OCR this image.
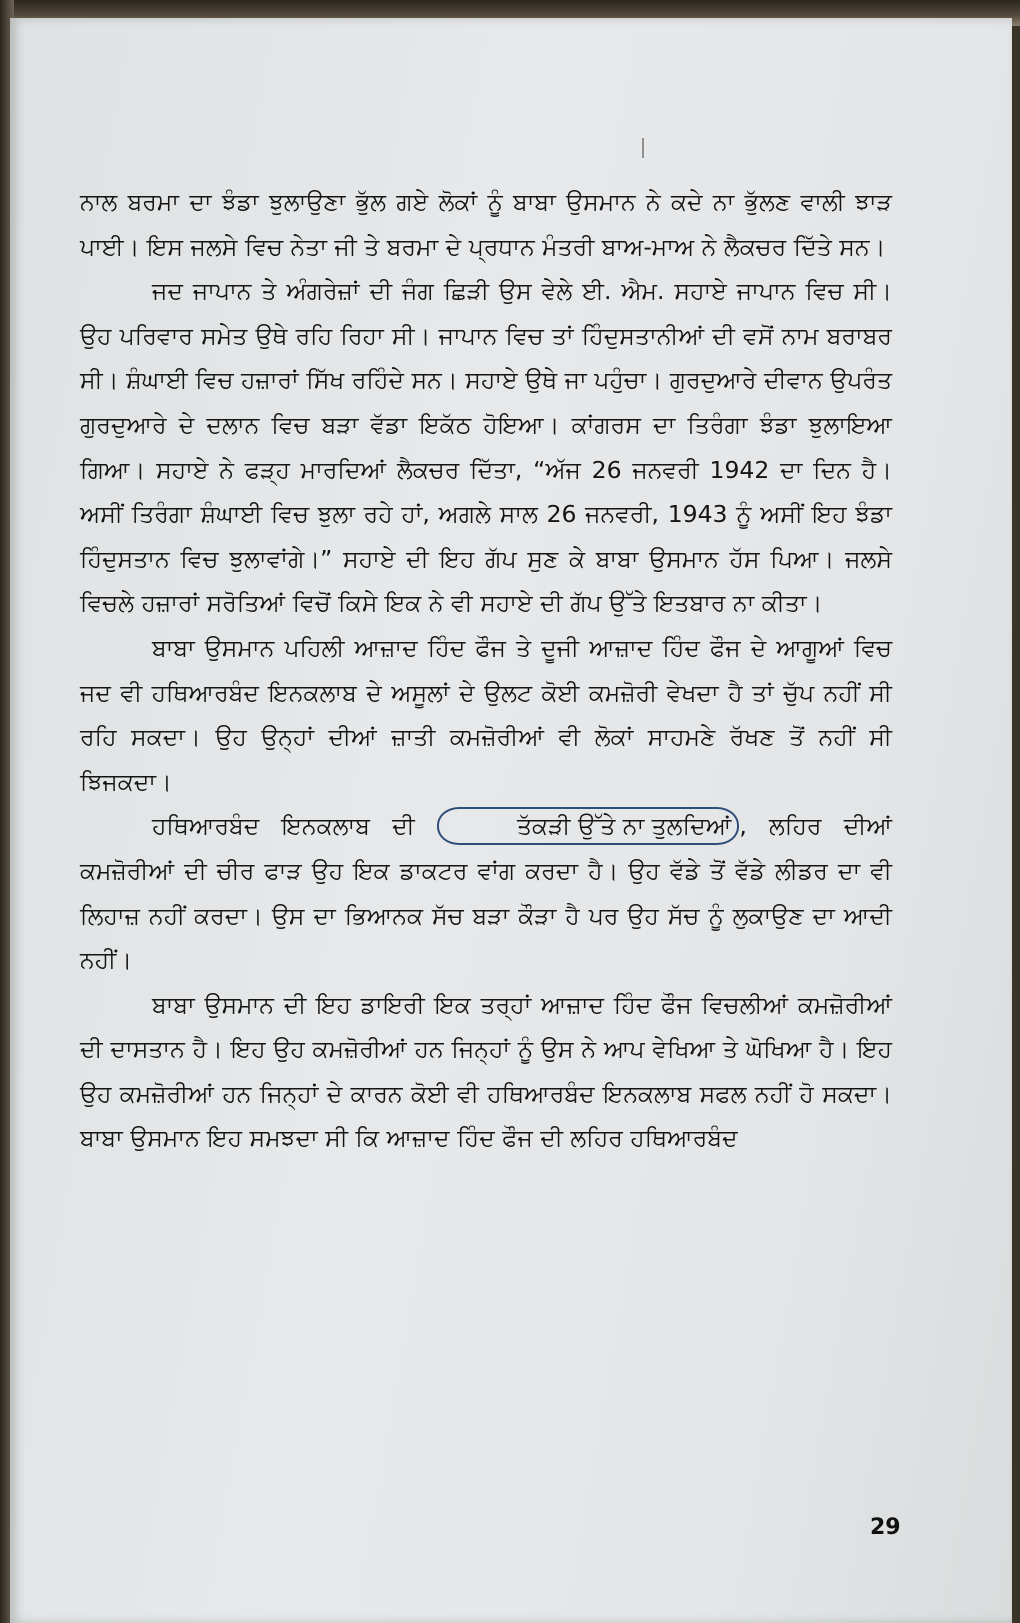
ਨਾਲ ਬਰਮਾ ਦਾ ਝੰਡਾ ਝੁਲਾਉਣਾ ਭੁੱਲ ਗਏ ਲੋਕਾਂ ਨੂੰ ਬਾਬਾ ਉਸਮਾਨ ਨੇ ਕਦੇ ਨਾ ਭੁੱਲਣ ਵਾਲੀ ਝਾੜ ਪਾਈ। ਇਸ ਜਲਸੇ ਵਿਚ ਨੇਤਾ ਜੀ ਤੇ ਬਰਮਾ ਦੇ ਪ੍ਰਧਾਨ ਮੰਤਰੀ ਬਾਅ-ਮਾਅ ਨੇ ਲੈਕਚਰ ਦਿੱਤੇ ਸਨ।

ਜਦ ਜਾਪਾਨ ਤੇ ਅੰਗਰੇਜ਼ਾਂ ਦੀ ਜੰਗ ਛਿੜੀ ਉਸ ਵੇਲੇ ਈ. ਐਮ. ਸਹਾਏ ਜਾਪਾਨ ਵਿਚ ਸੀ। ਉਹ ਪਰਿਵਾਰ ਸਮੇਤ ਉਥੇ ਰਹਿ ਰਿਹਾ ਸੀ। ਜਾਪਾਨ ਵਿਚ ਤਾਂ ਹਿੰਦੁਸਤਾਨੀਆਂ ਦੀ ਵਸੋਂ ਨਾਮ ਬਰਾਬਰ ਸੀ। ਸ਼ੰਘਾਈ ਵਿਚ ਹਜ਼ਾਰਾਂ ਸਿੱਖ ਰਹਿੰਦੇ ਸਨ। ਸਹਾਏ ਉਥੇ ਜਾ ਪਹੁੰਚਾ। ਗੁਰਦੁਆਰੇ ਦੀਵਾਨ ਉਪਰੰਤ ਗੁਰਦੁਆਰੇ ਦੇ ਦਲਾਨ ਵਿਚ ਬੜਾ ਵੱਡਾ ਇਕੱਠ ਹੋਇਆ। ਕਾਂਗਰਸ ਦਾ ਤਿਰੰਗਾ ਝੰਡਾ ਝੁਲਾਇਆ ਗਿਆ। ਸਹਾਏ ਨੇ ਫੜ੍ਹ ਮਾਰਦਿਆਂ ਲੈਕਚਰ ਦਿੱਤਾ, “ਅੱਜ 26 ਜਨਵਰੀ 1942 ਦਾ ਦਿਨ ਹੈ। ਅਸੀਂ ਤਿਰੰਗਾ ਸ਼ੰਘਾਈ ਵਿਚ ਝੁਲਾ ਰਹੇ ਹਾਂ, ਅਗਲੇ ਸਾਲ 26 ਜਨਵਰੀ, 1943 ਨੂੰ ਅਸੀਂ ਇਹ ਝੰਡਾ ਹਿੰਦੁਸਤਾਨ ਵਿਚ ਝੁਲਾਵਾਂਗੇ।” ਸਹਾਏ ਦੀ ਇਹ ਗੱਪ ਸੁਣ ਕੇ ਬਾਬਾ ਉਸਮਾਨ ਹੱਸ ਪਿਆ। ਜਲਸੇ ਵਿਚਲੇ ਹਜ਼ਾਰਾਂ ਸਰੋਤਿਆਂ ਵਿਚੋਂ ਕਿਸੇ ਇਕ ਨੇ ਵੀ ਸਹਾਏ ਦੀ ਗੱਪ ਉੱਤੇ ਇਤਬਾਰ ਨਾ ਕੀਤਾ।

ਬਾਬਾ ਉਸਮਾਨ ਪਹਿਲੀ ਆਜ਼ਾਦ ਹਿੰਦ ਫੌਜ ਤੇ ਦੂਜੀ ਆਜ਼ਾਦ ਹਿੰਦ ਫੌਜ ਦੇ ਆਗੂਆਂ ਵਿਚ ਜਦ ਵੀ ਹਥਿਆਰਬੰਦ ਇਨਕਲਾਬ ਦੇ ਅਸੂਲਾਂ ਦੇ ਉਲਟ ਕੋਈ ਕਮਜ਼ੋਰੀ ਵੇਖਦਾ ਹੈ ਤਾਂ ਚੁੱਪ ਨਹੀਂ ਸੀ ਰਹਿ ਸਕਦਾ। ਉਹ ਉਨ੍ਹਾਂ ਦੀਆਂ ਜ਼ਾਤੀ ਕਮਜ਼ੋਰੀਆਂ ਵੀ ਲੋਕਾਂ ਸਾਹਮਣੇ ਰੱਖਣ ਤੋਂ ਨਹੀਂ ਸੀ ਝਿਜਕਦਾ।

ਹਥਿਆਰਬੰਦ ਇਨਕਲਾਬ ਦੀ	ਤੱਕੜੀ ਉੱਤੇ ਨਾ ਤੁਲਦਿਆਂ , ਲਹਿਰ ਦੀਆਂ ਕਮਜ਼ੋਰੀਆਂ ਦੀ ਚੀਰ ਫਾੜ ਉਹ ਇਕ ਡਾਕਟਰ ਵਾਂਗ ਕਰਦਾ ਹੈ। ਉਹ ਵੱਡੇ ਤੋਂ ਵੱਡੇ ਲੀਡਰ ਦਾ ਵੀ ਲਿਹਾਜ਼ ਨਹੀਂ ਕਰਦਾ। ਉਸ ਦਾ ਭਿਆਨਕ ਸੱਚ ਬੜਾ ਕੌੜਾ ਹੈ ਪਰ ਉਹ ਸੱਚ ਨੂੰ ਲੁਕਾਉਣ ਦਾ ਆਦੀ ਨਹੀਂ।

ਬਾਬਾ ਉਸਮਾਨ ਦੀ ਇਹ ਡਾਇਰੀ ਇਕ ਤਰ੍ਹਾਂ ਆਜ਼ਾਦ ਹਿੰਦ ਫੌਜ ਵਿਚਲੀਆਂ ਕਮਜ਼ੋਰੀਆਂ ਦੀ ਦਾਸਤਾਨ ਹੈ। ਇਹ ਉਹ ਕਮਜ਼ੋਰੀਆਂ ਹਨ ਜਿਨ੍ਹਾਂ ਨੂੰ ਉਸ ਨੇ ਆਪ ਵੇਖਿਆ ਤੇ ਘੋਖਿਆ ਹੈ। ਇਹ ਉਹ ਕਮਜ਼ੋਰੀਆਂ ਹਨ ਜਿਨ੍ਹਾਂ ਦੇ ਕਾਰਨ ਕੋਈ ਵੀ ਹਥਿਆਰਬੰਦ ਇਨਕਲਾਬ ਸਫਲ ਨਹੀਂ ਹੋ ਸਕਦਾ। ਬਾਬਾ ਉਸਮਾਨ ਇਹ ਸਮਝਦਾ ਸੀ ਕਿ ਆਜ਼ਾਦ ਹਿੰਦ ਫੌਜ ਦੀ ਲਹਿਰ ਹਥਿਆਰਬੰਦ

29
